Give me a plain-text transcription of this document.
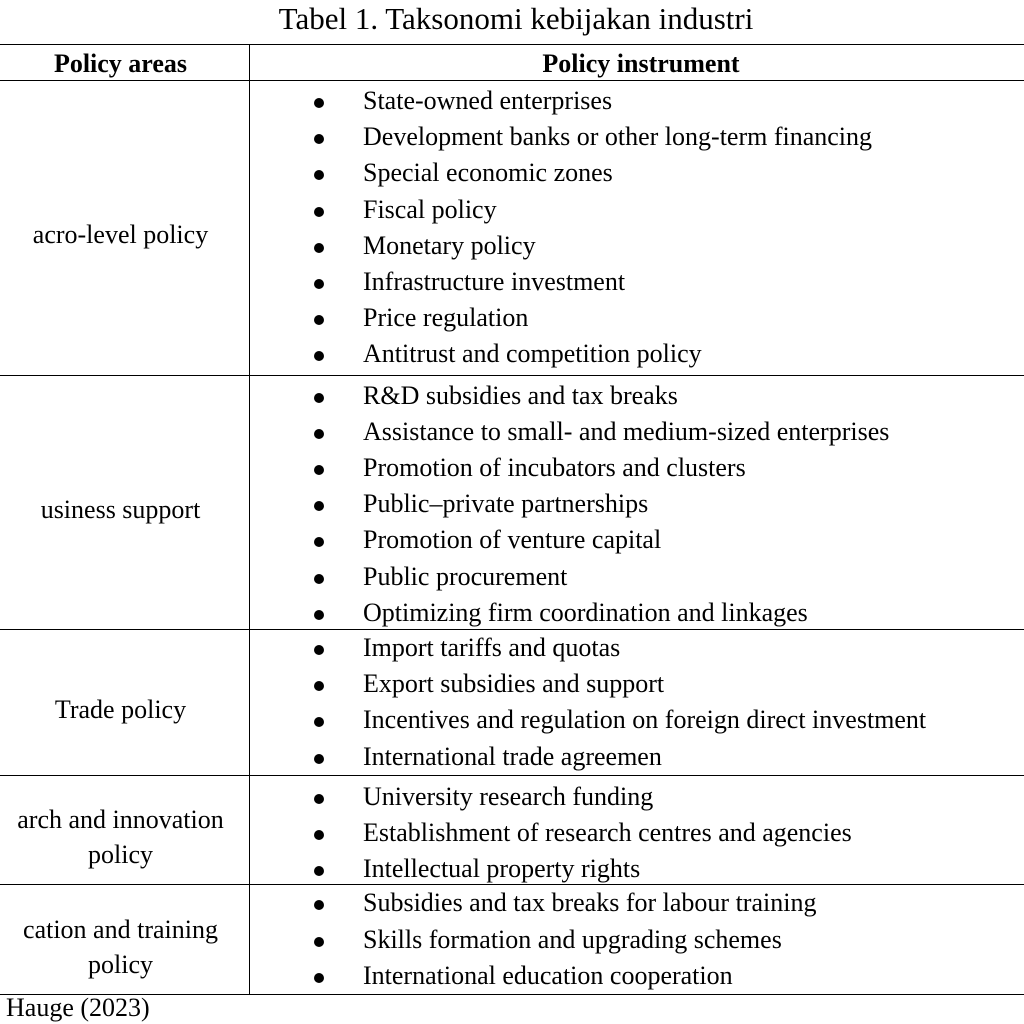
Tabel 1. Taksonomi kebijakan industri
Policy areas	Policy instrument
acro-level policy
State-owned enterprises
Development banks or other long-term financing
Special economic zones
Fiscal policy
Monetary policy
Infrastructure investment
Price regulation
Antitrust and competition policy
usiness support
R&D subsidies and tax breaks
Assistance to small- and medium-sized enterprises
Promotion of incubators and clusters
Public–private partnerships
Promotion of venture capital
Public procurement
Optimizing firm coordination and linkages
Trade policy
Import tariffs and quotas
Export subsidies and support
Incentives and regulation on foreign direct investment
International trade agreemen
arch and innovation
policy
University research funding
Establishment of research centres and agencies
Intellectual property rights
cation and training
policy
Subsidies and tax breaks for labour training
Skills formation and upgrading schemes
International education cooperation
Hauge (2023)
